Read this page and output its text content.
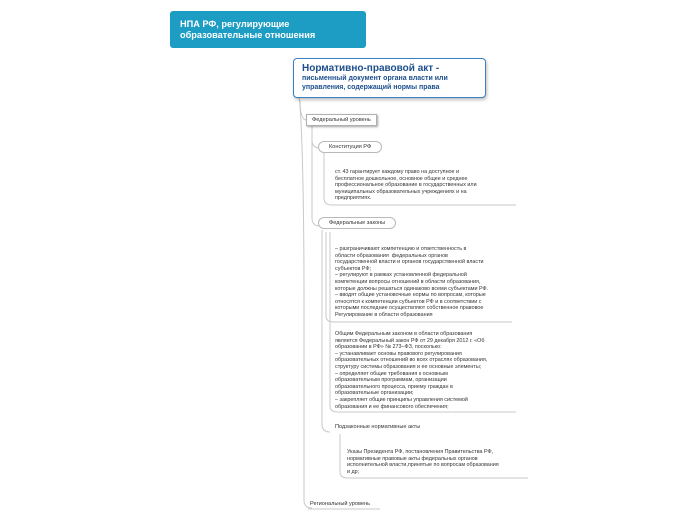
НПА РФ, регулирующие образовательные отношения
Нормативно-правовой акт -
письменный документ органа власти или управления, содержащий нормы права
Федеральный уровень
Конституция РФ
ст. 43 гарантирует каждому право на доступное и
бесплатное дошкольное, основное общее и среднее
профессиональное образование в государственных или
муниципальных образовательных учреждениях и на
предприятиях.
Федеральные законы
– разграничивают компетенцию и ответственность в
области образования  федеральных органов
государственной власти и органов государственной власти
субъектов РФ;
– регулируют в рамках установленной федеральной
компетенции вопросы отношений в области образования,
которые должны решаться одинаково всеми субъектами РФ.
– вводят общие установочные нормы по вопросам, которые
относятся к компетенции субъектов РФ и в соответствии с
которыми последние осуществляют собственное правовое
Регулирование в области образования
Общим Федеральным законом в области образования
является Федеральный закон РФ от 29 декабря 2012 г. «Об
образовании в РФ» № 273–ФЗ, посколько:
– устанавливает основы правового регулирования
образовательных отношений во всех отраслях образования,
структуру системы образования и ее основные элементы;
– определяет общие требования к основным
образовательным программам, организации
образовательного процесса, приему граждан в
образовательные организации;
– закрепляет общие принципы управления системой
образования и ее финансового обеспечения;
Подзаконные нормативные акты
Указы Президента РФ, постановления Правительства РФ,
нормативные правовые акты федеральных органов
исполнительной власти,принятые по вопросам образования
и др;
Региональный уровень
